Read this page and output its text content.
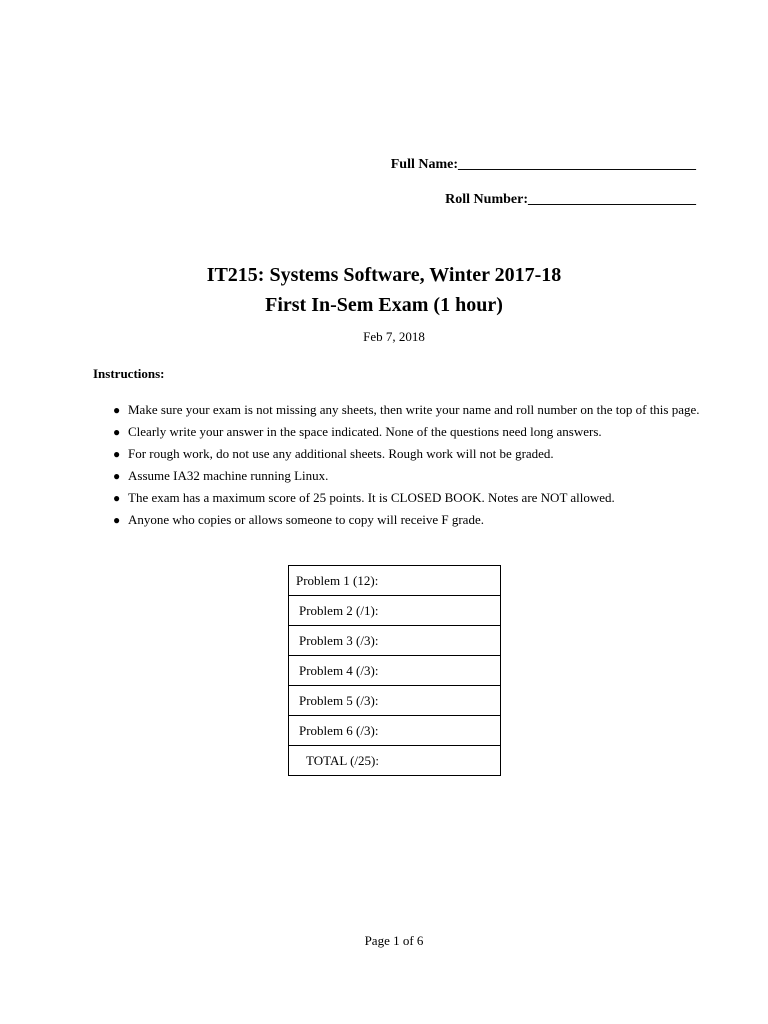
Full Name:__________________________________
Roll Number:________________________
IT215: Systems Software, Winter 2017-18
First In-Sem Exam (1 hour)
Feb 7, 2018
Instructions:
● Make sure your exam is not missing any sheets, then write your name and roll number on the top of this page.
● Clearly write your answer in the space indicated. None of the questions need long answers.
● For rough work, do not use any additional sheets. Rough work will not be graded.
● Assume IA32 machine running Linux.
● The exam has a maximum score of 25 points. It is CLOSED BOOK. Notes are NOT allowed.
● Anyone who copies or allows someone to copy will receive F grade.
Problem 1 (12):
Problem 2 (/1):
Problem 3 (/3):
Problem 4 (/3):
Problem 5 (/3):
Problem 6 (/3):
TOTAL (/25):
Page 1 of 6
